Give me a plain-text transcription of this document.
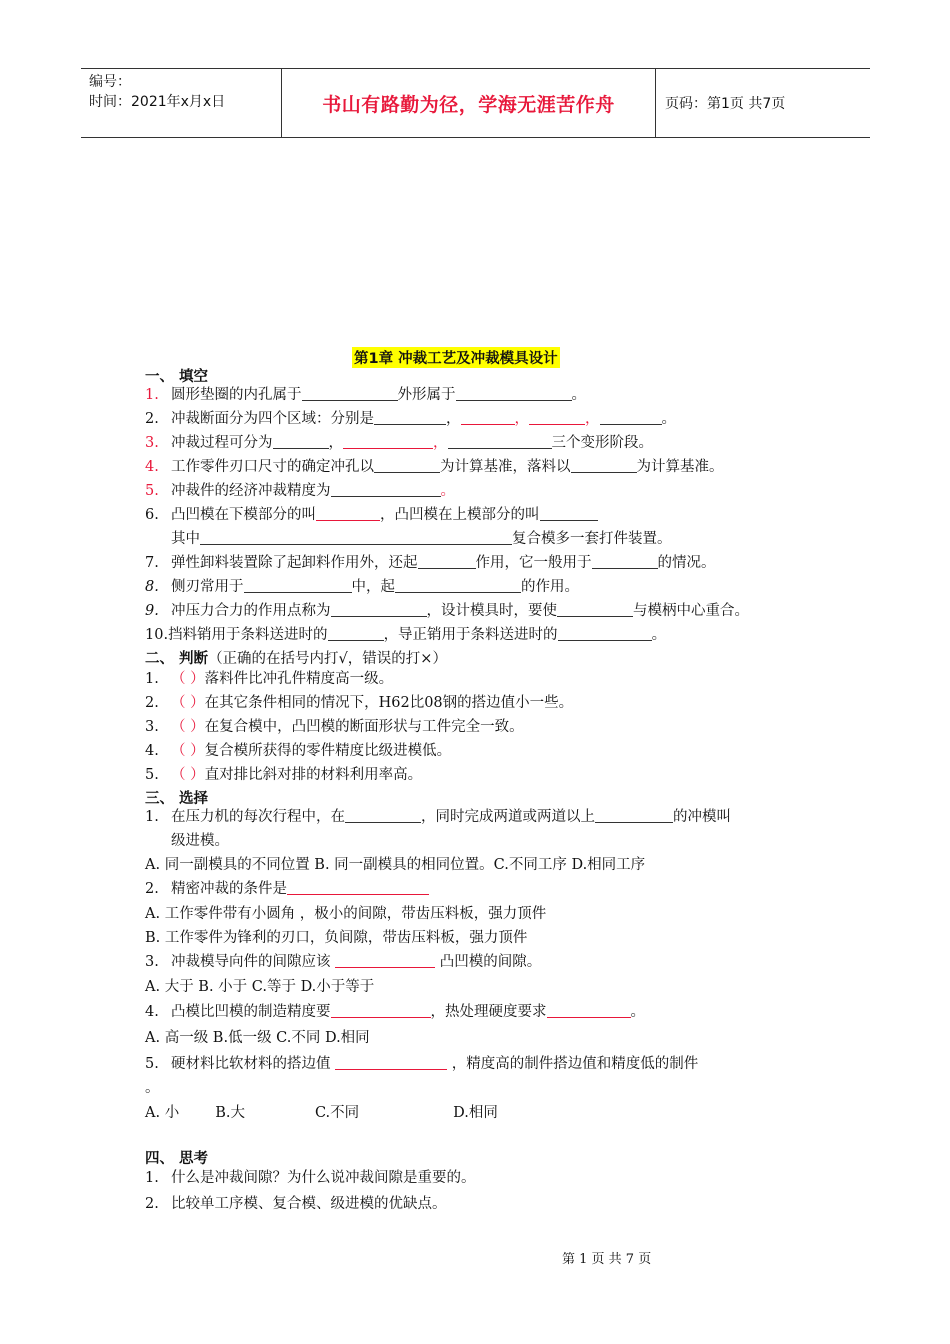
编号：
时间：2021年x月x日	书山有路勤为径，学海无涯苦作舟	页码：第1页 共7页
第1章 冲裁工艺及冲裁模具设计
一、 填空
1. 圆形垫圈的内孔属于	外形属于	。
2. 冲裁断面分为四个区域：分别是	，	，	，	。
3. 冲裁过程可分为	，	，	三个变形阶段。
4. 工作零件刃口尺寸的确定冲孔以	为计算基准，落料以	为计算基准。
5. 冲裁件的经济冲裁精度为	。
6. 凸凹模在下模部分的叫	，凸凹模在上模部分的叫
其中	复合模多一套打件装置。
7. 弹性卸料装置除了起卸料作用外，还起	作用，它一般用于	的情况。
8. 侧刃常用于	中，起	的作用。
9. 冲压力合力的作用点称为	，设计模具时，要使	与模柄中心重合。
10.挡料销用于条料送进时的	，导正销用于条料送进时的	。
二、 判断（正确的在括号内打√，错误的打×）
1. （ ）落料件比冲孔件精度高一级。
2. （ ）在其它条件相同的情况下，H62比08钢的搭边值小一些。
3. （ ）在复合模中，凸凹模的断面形状与工件完全一致。
4. （ ）复合模所获得的零件精度比级进模低。
5. （ ）直对排比斜对排的材料利用率高。
三、 选择
1. 在压力机的每次行程中，在	，同时完成两道或两道以上	的冲模叫
级进模。
A. 同一副模具的不同位置 B. 同一副模具的相同位置。C.不同工序 D.相同工序
2. 精密冲裁的条件是
A. 工作零件带有小圆角 ，极小的间隙，带齿压料板，强力顶件
B. 工作零件为锋利的刃口，负间隙，带齿压料板，强力顶件
3. 冲裁模导向件的间隙应该	凸凹模的间隙。
A. 大于 B. 小于 C.等于 D.小于等于
4. 凸模比凹模的制造精度要	，热处理硬度要求	。
A. 高一级 B.低一级 C.不同 D.相同
5. 硬材料比软材料的搭边值	，精度高的制件搭边值和精度低的制件
。
A. 小 B.大	C.不同	D.相同
四、 思考
1. 什么是冲裁间隙？为什么说冲裁间隙是重要的。
2. 比较单工序模、复合模、级进模的优缺点。
第 1 页 共 7 页
